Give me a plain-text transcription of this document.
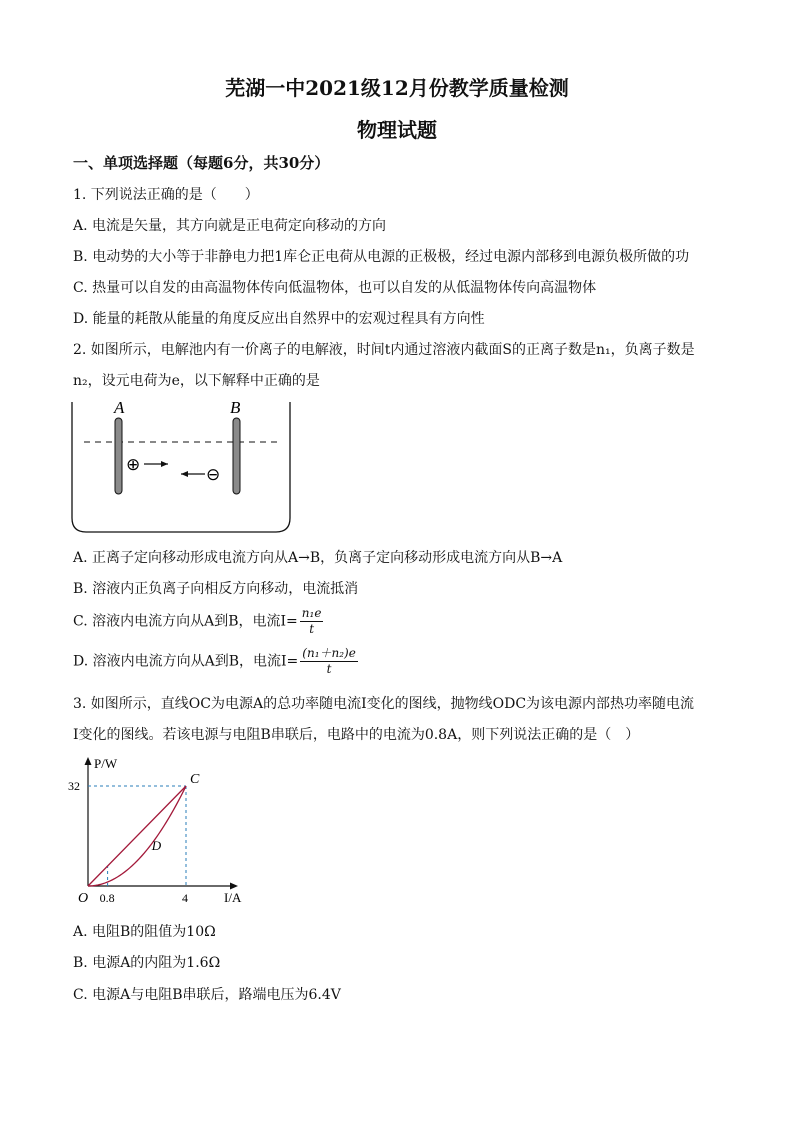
芜湖一中2021级12月份教学质量检测
物理试题
一、单项选择题（每题6分，共30分）
1. 下列说法正确的是（　　）
A. 电流是矢量，其方向就是正电荷定向移动的方向
B. 电动势的大小等于非静电力把1库仑正电荷从电源的正极极，经过电源内部移到电源负极所做的功
C. 热量可以自发的由高温物体传向低温物体，也可以自发的从低温物体传向高温物体
D. 能量的耗散从能量的角度反应出自然界中的宏观过程具有方向性
2. 如图所示，电解池内有一价离子的电解液，时间t内通过溶液内截面S的正离子数是n₁，负离子数是
n₂，设元电荷为e，以下解释中正确的是
A	B
⊕
⊖
A. 正离子定向移动形成电流方向从A→B，负离子定向移动形成电流方向从B→A
B. 溶液内正负离子向相反方向移动，电流抵消
C. 溶液内电流方向从A到B，电流$I= \frac{\text{n₁e}}{t}$
D. 溶液内电流方向从A到B，电流$I= \frac{\text{(n₁＋n₂)e}}{t}$
3. 如图所示，直线OC为电源A的总功率随电流I变化的图线，抛物线ODC为该电源内部热功率随电流
I变化的图线。若该电源与电阻B串联后，电路中的电流为0.8A，则下列说法正确的是（　）
P/W
I/A
O 0.8	4
32	C
D
A. 电阻B的阻值为10Ω
B. 电源A的内阻为1.6Ω
C. 电源A与电阻B串联后，路端电压为6.4V
